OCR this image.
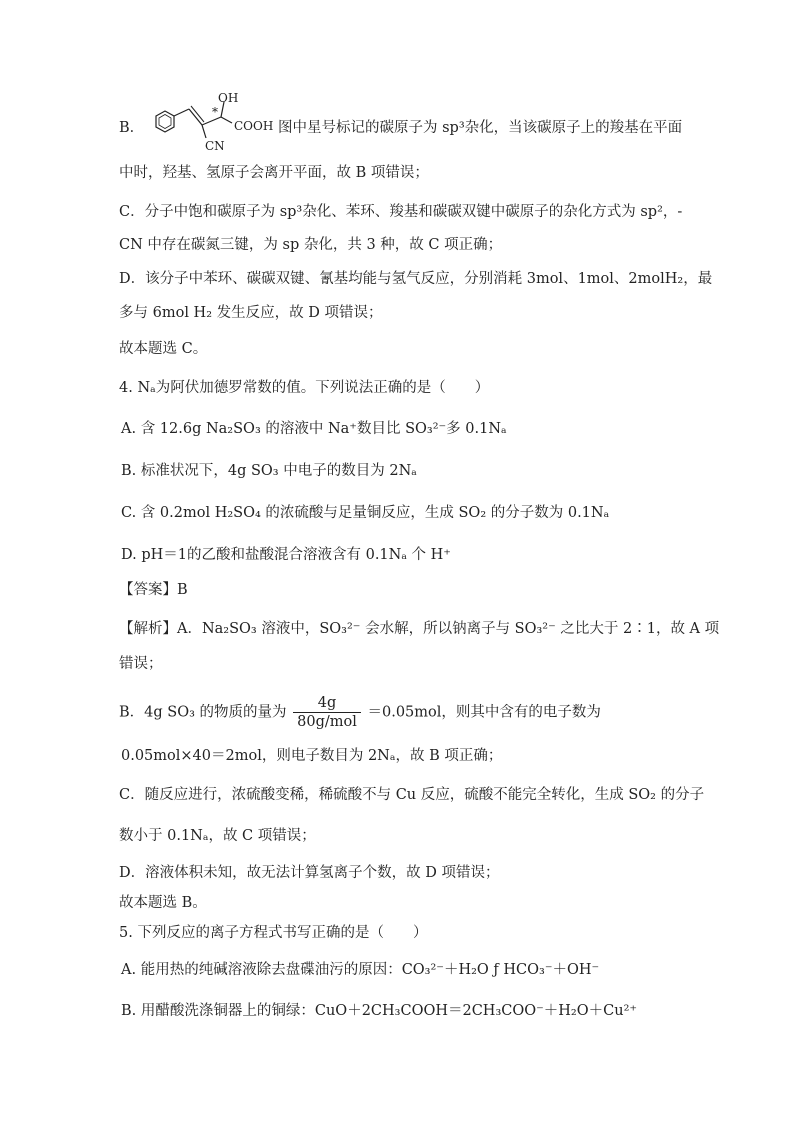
B．
OH
*
COOH
CN
图中星号标记的碳原子为 sp³杂化，当该碳原子上的羧基在平面
中时，羟基、氢原子会离开平面，故 B 项错误；
C．分子中饱和碳原子为 sp³杂化、苯环、羧基和碳碳双键中碳原子的杂化方式为 sp²，-
CN 中存在碳氮三键，为 sp 杂化，共 3 种，故 C 项正确；
D．该分子中苯环、碳碳双键、氰基均能与氢气反应，分别消耗 3mol、1mol、2molH₂，最
多与 6mol H₂ 发生反应，故 D 项错误；
故本题选 C。
4. Nₐ为阿伏加德罗常数的值。下列说法正确的是（　　）
A. 含 12.6g Na₂SO₃ 的溶液中 Na⁺数目比 SO₃²⁻多 0.1Nₐ
B. 标准状况下，4g SO₃ 中电子的数目为 2Nₐ
C. 含 0.2mol H₂SO₄ 的浓硫酸与足量铜反应，生成 SO₂ 的分子数为 0.1Nₐ
D. pH＝1的乙酸和盐酸混合溶液含有 0.1Nₐ 个 H⁺
【答案】B
【解析】A．Na₂SO₃ 溶液中，SO₃²⁻ 会水解，所以钠离子与 SO₃²⁻ 之比大于 2∶1，故 A 项
错误；
B．4g SO₃ 的物质的量为 $\frac{4g}{\text{80g/mol}} =0.05mol$，则其中含有的电子数为
0.05mol×40＝2mol，则电子数目为 2Nₐ，故 B 项正确；
C．随反应进行，浓硫酸变稀，稀硫酸不与 Cu 反应，硫酸不能完全转化，生成 SO₂ 的分子
数小于 0.1Nₐ，故 C 项错误；
D．溶液体积未知，故无法计算氢离子个数，故 D 项错误；
故本题选 B。
5. 下列反应的离子方程式书写正确的是（　　）
A. 能用热的纯碱溶液除去盘碟油污的原因：CO₃²⁻＋H₂O ƒ HCO₃⁻＋OH⁻
B. 用醋酸洗涤铜器上的铜绿：CuO＋2CH₃COOH＝2CH₃COO⁻＋H₂O＋Cu²⁺
